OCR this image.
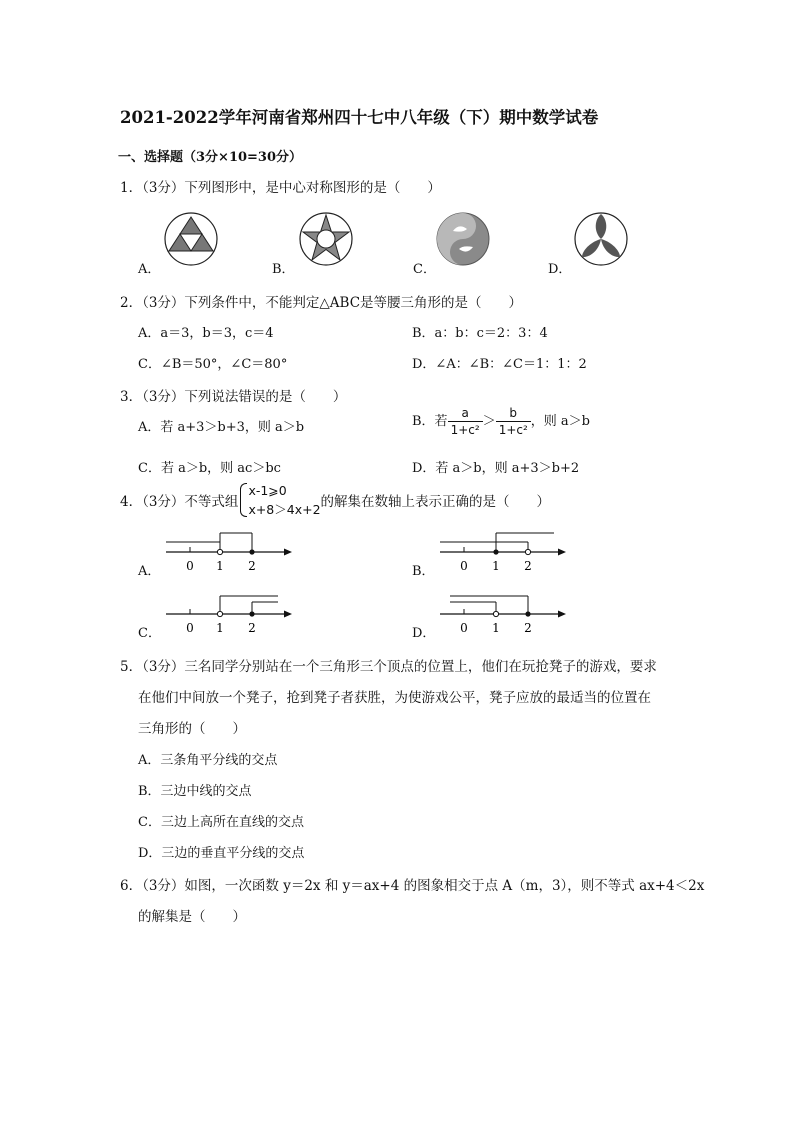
2021-2022学年河南省郑州四十七中八年级（下）期中数学试卷
一、选择题（3分×10=30分）
1．（3分）下列图形中，是中心对称图形的是（　　）
A．	B．	C．	D．
2．（3分）下列条件中，不能判定△ABC是等腰三角形的是（　　）
A．a＝3，b＝3，c＝4	B．a：b：c＝2：3：4
C．∠B＝50°，∠C＝80°	D．∠A：∠B：∠C＝1：1：2
3．（3分）下列说法错误的是（　　）
A．若 a+3＞b+3，则 a＞b	B．若 $\frac{a}{\text{1+c²}} > \frac{b}{\text{1+c²}}$ ，则 a＞b
C．若 a＞b，则 ac＞bc	D．若 a＞b，则 a+3＞b+2
4．（3分）不等式组
x-1⩾0
x+8＞4x+2 的解集在数轴上表示正确的是（　　）
A．	B．
C．	D．
0 1 2	0 1 2
0 1 2	0 1 2
5．（3分）三名同学分别站在一个三角形三个顶点的位置上，他们在玩抢凳子的游戏，要求
在他们中间放一个凳子，抢到凳子者获胜，为使游戏公平，凳子应放的最适当的位置在
三角形的（　　）
A．三条角平分线的交点
B．三边中线的交点
C．三边上高所在直线的交点
D．三边的垂直平分线的交点
6．（3分）如图，一次函数 y＝2x 和 y＝ax+4 的图象相交于点 A（m，3），则不等式 ax+4＜2x
的解集是（　　）
